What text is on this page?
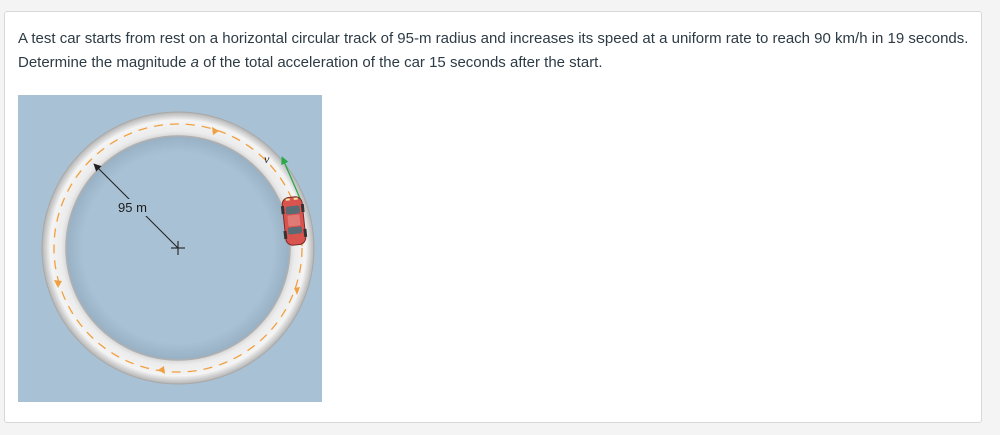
A test car starts from rest on a horizontal circular track of 95-m radius and increases its speed at a uniform rate to reach 90 km/h in 19 seconds. Determine the magnitude a of the total acceleration of the car 15 seconds after the start.
95 m
v
